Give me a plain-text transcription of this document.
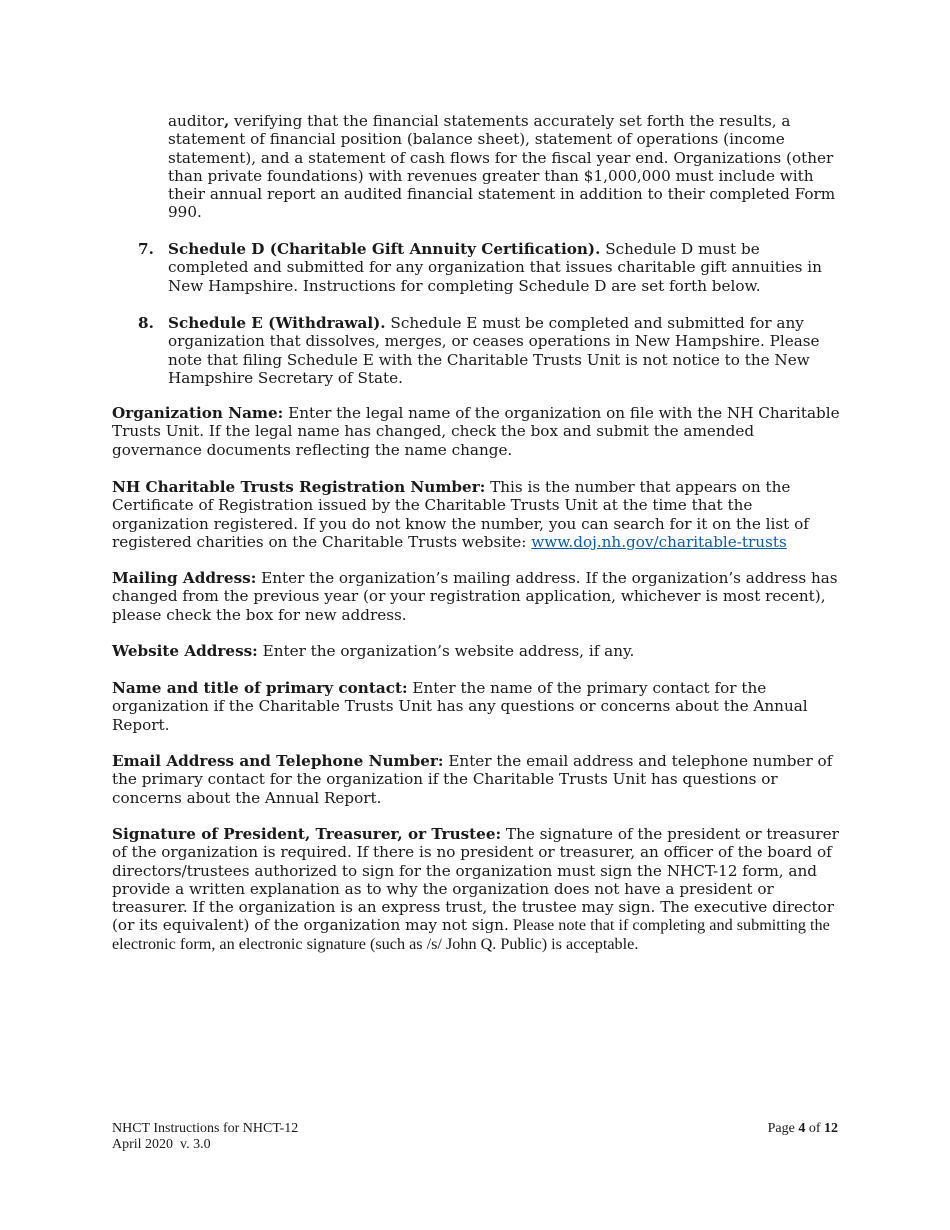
auditor, verifying that the financial statements accurately set forth the results, a statement of financial position (balance sheet), statement of operations (income statement), and a statement of cash flows for the fiscal year end. Organizations (other than private foundations) with revenues greater than $1,000,000 must include with their annual report an audited financial statement in addition to their completed Form 990.

7. Schedule D (Charitable Gift Annuity Certification). Schedule D must be completed and submitted for any organization that issues charitable gift annuities in New Hampshire. Instructions for completing Schedule D are set forth below.

8. Schedule E (Withdrawal). Schedule E must be completed and submitted for any organization that dissolves, merges, or ceases operations in New Hampshire. Please note that filing Schedule E with the Charitable Trusts Unit is not notice to the New Hampshire Secretary of State.

Organization Name: Enter the legal name of the organization on file with the NH Charitable Trusts Unit. If the legal name has changed, check the box and submit the amended governance documents reflecting the name change.

NH Charitable Trusts Registration Number: This is the number that appears on the Certificate of Registration issued by the Charitable Trusts Unit at the time that the organization registered. If you do not know the number, you can search for it on the list of registered charities on the Charitable Trusts website: www.doj.nh.gov/charitable-trusts

Mailing Address: Enter the organization’s mailing address. If the organization’s address has changed from the previous year (or your registration application, whichever is most recent), please check the box for new address.

Website Address: Enter the organization’s website address, if any.

Name and title of primary contact: Enter the name of the primary contact for the organization if the Charitable Trusts Unit has any questions or concerns about the Annual Report.

Email Address and Telephone Number: Enter the email address and telephone number of the primary contact for the organization if the Charitable Trusts Unit has questions or concerns about the Annual Report.

Signature of President, Treasurer, or Trustee: The signature of the president or treasurer of the organization is required. If there is no president or treasurer, an officer of the board of directors/trustees authorized to sign for the organization must sign the NHCT-12 form, and provide a written explanation as to why the organization does not have a president or treasurer. If the organization is an express trust, the trustee may sign. The executive director (or its equivalent) of the organization may not sign. Please note that if completing and submitting the electronic form, an electronic signature (such as /s/ John Q. Public) is acceptable.

NHCT Instructions for NHCT-12
April 2020  v. 3.0
Page 4 of 12
